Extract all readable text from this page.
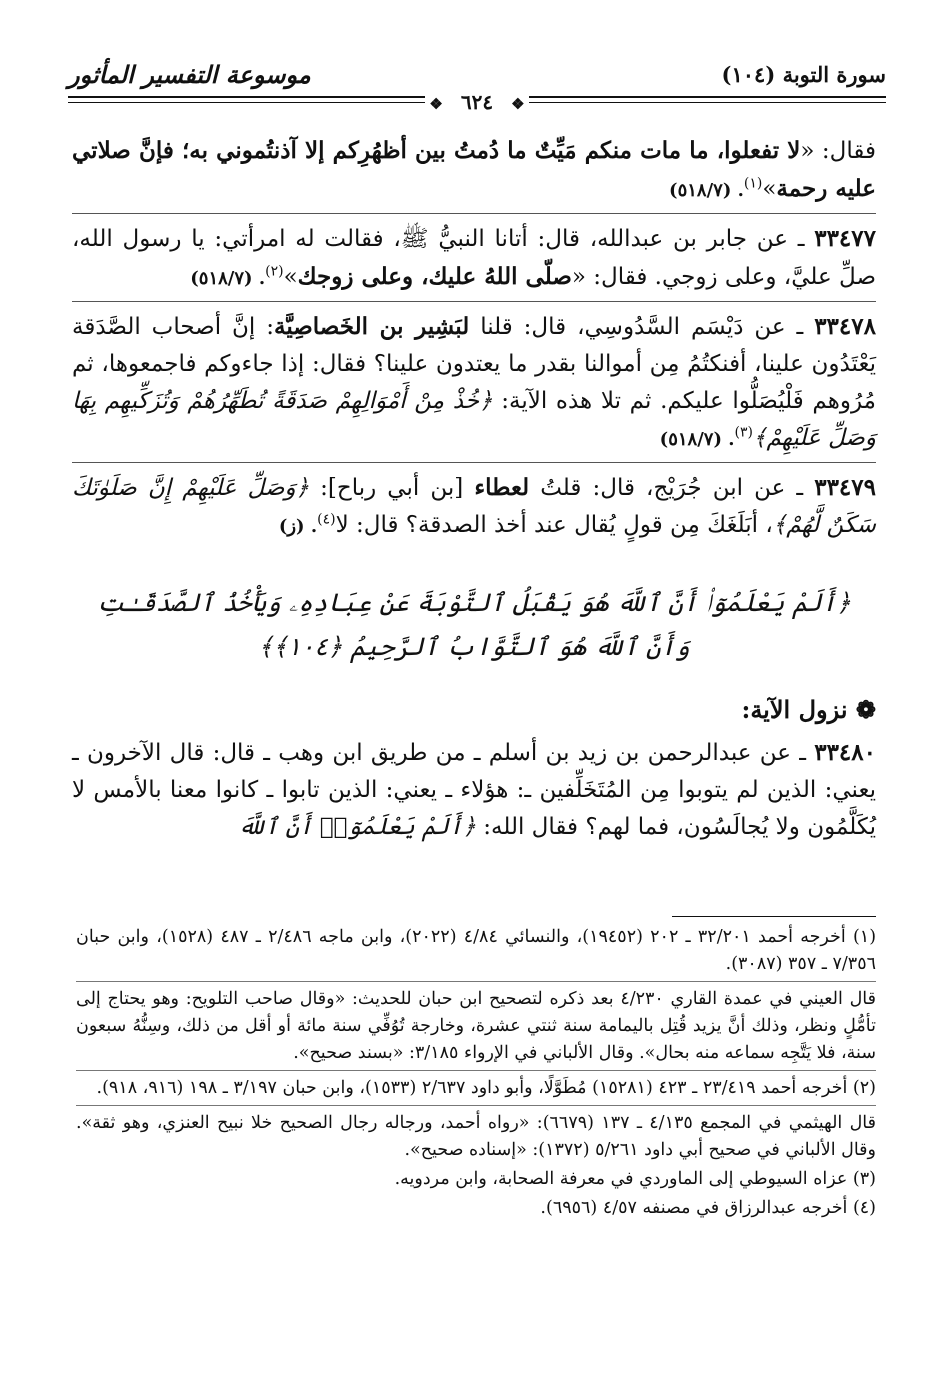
سورة التوبة (١٠٤)
موسوعة التفسير المأثور
❖٦٢٤❖

فقال: «لا تفعلوا، ما مات منكم مَيِّتٌ ما دُمتُ بين أظهُرِكم إلا آذنتُموني به؛ فإنَّ صلاتي عليه رحمة»$^{(١)}$. (٥١٨/٧)

٣٣٤٧٧ ـ عن جابر بن عبدالله، قال: أتانا النبيُّ ﷺ، فقالت له امرأتي: يا رسول الله، صلِّ عليَّ، وعلى زوجي. فقال: «صلّى اللهُ عليك، وعلى زوجك»$^{(٢)}$. (٥١٨/٧)

٣٣٤٧٨ ـ عن دَيْسَم السَّدُوسِي، قال: قلنا لبَشِير بن الخَصاصِيَّة: إنَّ أصحاب الصَّدَقة يَعْتَدُون علينا، أفنكتُمُ مِن أموالنا بقدر ما يعتدون علينا؟ فقال: إذا جاءوكم فاجمعوها، ثم مُرُوهم فَلْيُصَلُّوا عليكم. ثم تلا هذه الآية: ﴿خُذْ مِنْ أَمْوَالِهِمْ صَدَقَةً تُطَهِّرُهُمْ وَتُزَكِّيهِم بِهَا وَصَلِّ عَلَيْهِمْ﴾$^{(٣)}$. (٥١٨/٧)

٣٣٤٧٩ ـ عن ابن جُرَيْج، قال: قلتُ لعطاء [بن أبي رباح]: ﴿وَصَلِّ عَلَيْهِمْ إِنَّ صَلَوٰتَكَ سَكَنٌ لَّهُمْ﴾، أبَلَغَكَ مِن قولٍ يُقال عند أخذ الصدقة؟ قال: لا$^{(٤)}$. (ز)

﴿أَلَمْ يَعْلَمُوٓا۟ أَنَّ ٱللَّهَ هُوَ يَقْبَلُ ٱلتَّوْبَةَ عَنْ عِبَادِهِۦ وَيَأْخُذُ ٱلصَّدَقَـٰتِ
وَأَنَّ ٱللَّهَ هُوَ ٱلتَّوَّابُ ٱلرَّحِيمُ ﴿١٠٤﴾﴾
❁ نزول الآية:

٣٣٤٨٠ ـ عن عبدالرحمن بن زيد بن أسلم ـ من طريق ابن وهب ـ قال: قال الآخرون ـ يعني: الذين لم يتوبوا مِن المُتَخَلِّفين ـ: هؤلاء ـ يعني: الذين تابوا ـ كانوا معنا بالأمس لا يُكَلَّمُون ولا يُجالَسُون، فما لهم؟ فقال الله: ﴿أَلَمْ يَعْلَمُوٓا۟ أَنَّ ٱللَّهَ

(١) أخرجه أحمد ٣٢/٢٠١ ـ ٢٠٢ (١٩٤٥٢)، والنسائي ٤/٨٤ (٢٠٢٢)، وابن ماجه ٢/٤٨٦ ـ ٤٨٧ (١٥٢٨)، وابن حبان ٧/٣٥٦ ـ ٣٥٧ (٣٠٨٧).

قال العيني في عمدة القاري ٤/٢٣٠ بعد ذكره لتصحيح ابن حبان للحديث: «وقال صاحب التلويح: وهو يحتاج إلى تأمُّلٍ ونظر، وذلك أنَّ يزيد قُتِل باليمامة سنة ثنتي عشرة، وخارجة تُوُفِّي سنة مائة أو أقل من ذلك، وسِنُّهُ سبعون سنة، فلا يَتَّجِه سماعه منه بحال». وقال الألباني في الإرواء ٣/١٨٥: «بسند صحيح».

(٢) أخرجه أحمد ٢٣/٤١٩ ـ ٤٢٣ (١٥٢٨١) مُطَوَّلًا، وأبو داود ٢/٦٣٧ (١٥٣٣)، وابن حبان ٣/١٩٧ ـ ١٩٨ (٩١٦، ٩١٨).

قال الهيثمي في المجمع ٤/١٣٥ ـ ١٣٧ (٦٦٧٩): «رواه أحمد، ورجاله رجال الصحيح خلا نبيح العنزي، وهو ثقة». وقال الألباني في صحيح أبي داود ٥/٢٦١ (١٣٧٢): «إسناده صحيح».

(٣) عزاه السيوطي إلى الماوردي في معرفة الصحابة، وابن مردويه.

(٤) أخرجه عبدالرزاق في مصنفه ٤/٥٧ (٦٩٥٦).
